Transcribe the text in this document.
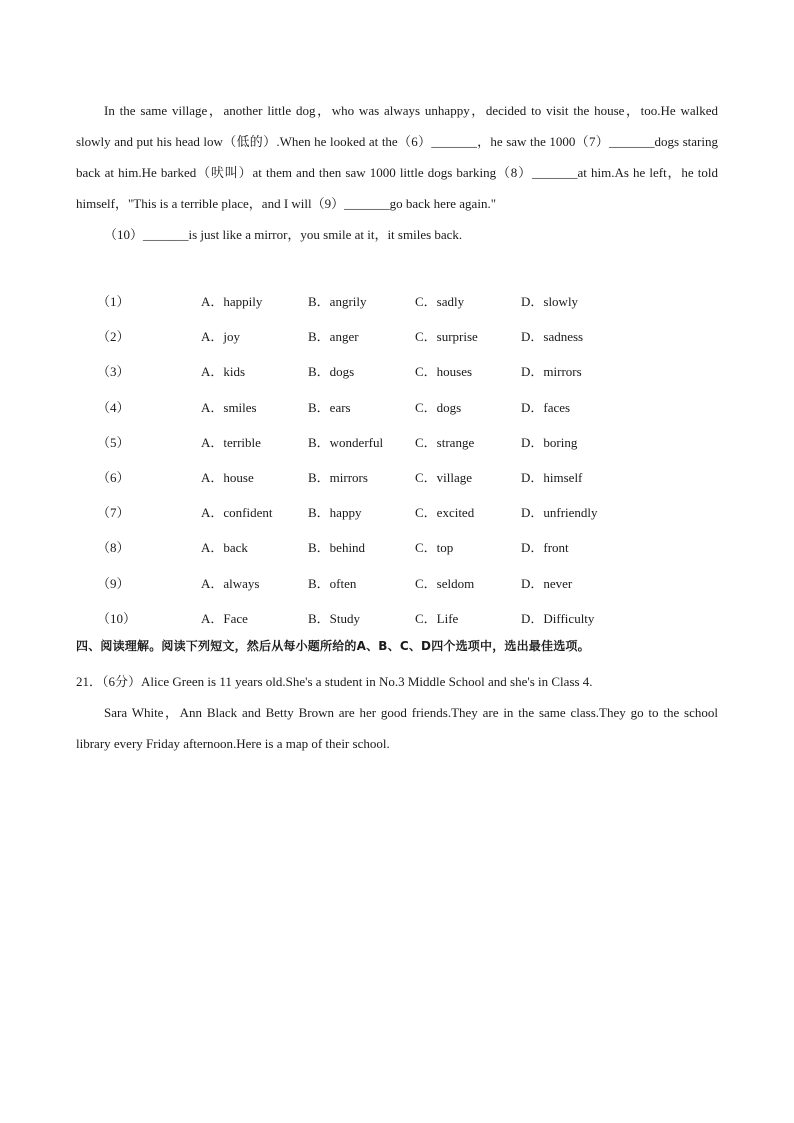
In the same village，another little dog，who was always unhappy，decided to visit the house，too.He walked slowly and put his head low（低的）.When he looked at the（6）_______，he saw the 1000（7）_______dogs staring back at him.He barked（吠叫）at them and then saw 1000 little dogs barking（8）_______at him.As he left，he told himself，"This is a terrible place，and I will（9）_______go back here again."
（10）_______is just like a mirror，you smile at it，it smiles back.
（1）	A．happily	B．angrily	C．sadly	D．slowly
（2）	A．joy	B．anger	C．surprise	D．sadness
（3）	A．kids	B．dogs	C．houses	D．mirrors
（4）	A．smiles	B．ears	C．dogs	D．faces
（5）	A．terrible	B．wonderful	C．strange	D．boring
（6）	A．house	B．mirrors	C．village	D．himself
（7）	A．confident	B．happy	C．excited	D．unfriendly
（8）	A．back	B．behind	C．top	D．front
（9）	A．always	B．often	C．seldom	D．never
（10）	A．Face	B．Study	C．Life	D．Difficulty
四、阅读理解。阅读下列短文，然后从每小题所给的A、B、C、D四个选项中，选出最佳选项。
21．（6分）Alice Green is 11 years old.She's a student in No.3 Middle School and she's in Class 4.
Sara White，Ann Black and Betty Brown are her good friends.They are in the same class.They go to the school library every Friday afternoon.Here is a map of their school.
